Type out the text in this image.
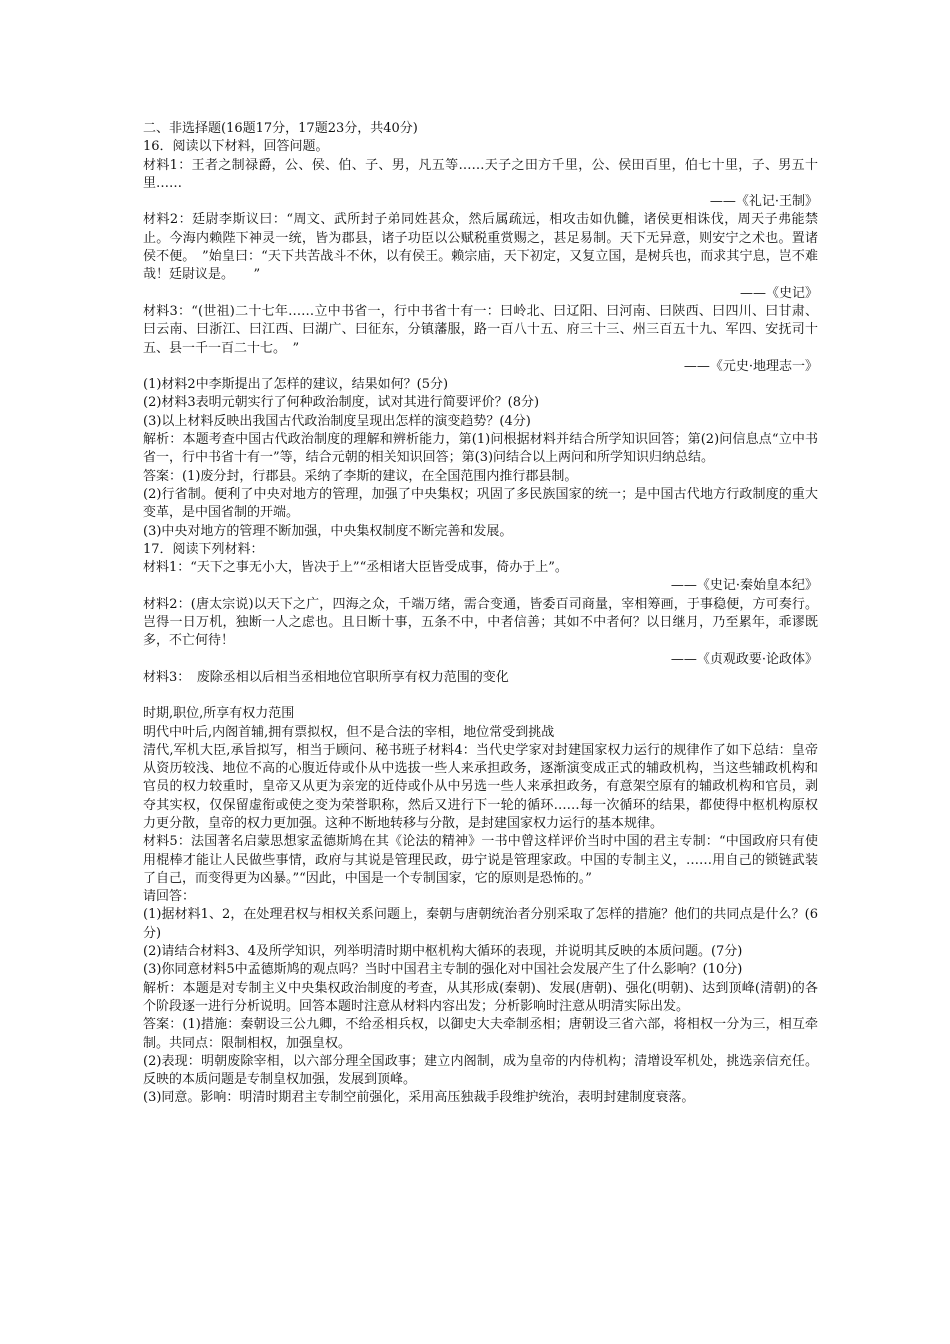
二、非选择题(16题17分，17题23分，共40分)

16．阅读以下材料，回答问题。

材料1：王者之制禄爵，公、侯、伯、子、男，凡五等……天子之田方千里，公、侯田百里，伯七十里，子、男五十里……

——《礼记·王制》

材料2：廷尉李斯议曰：“周文、武所封子弟同姓甚众，然后属疏远，相攻击如仇雠，诸侯更相诛伐，周天子弗能禁止。今海内赖陛下神灵一统，皆为郡县，诸子功臣以公赋税重赏赐之，甚足易制。天下无异意，则安宁之术也。置诸侯不便。　”始皇曰：“天下共苦战斗不休，以有侯王。赖宗庙，天下初定，又复立国，是树兵也，而求其宁息，岂不难哉！廷尉议是。　　”

——《史记》

材料3：“(世祖)二十七年……立中书省一，行中书省十有一：曰岭北、曰辽阳、曰河南、曰陕西、曰四川、曰甘肃、曰云南、曰浙江、曰江西、曰湖广、曰征东，分镇藩服，路一百八十五、府三十三、州三百五十九、军四、安抚司十五、县一千一百二十七。　”

——《元史·地理志一》

(1)材料2中李斯提出了怎样的建议，结果如何？(5分)

(2)材料3表明元朝实行了何种政治制度，试对其进行简要评价？(8分)

(3)以上材料反映出我国古代政治制度呈现出怎样的演变趋势？(4分)

解析：本题考查中国古代政治制度的理解和辨析能力，第(1)问根据材料并结合所学知识回答；第(2)问信息点“立中书省一，行中书省十有一”等，结合元朝的相关知识回答；第(3)问结合以上两问和所学知识归纳总结。

答案：(1)废分封，行郡县。采纳了李斯的建议，在全国范围内推行郡县制。

(2)行省制。便利了中央对地方的管理，加强了中央集权；巩固了多民族国家的统一；是中国古代地方行政制度的重大变革，是中国省制的开端。

(3)中央对地方的管理不断加强，中央集权制度不断完善和发展。

17．阅读下列材料：

材料1：“天下之事无小大，皆决于上”“丞相诸大臣皆受成事，倚办于上”。

——《史记·秦始皇本纪》

材料2：(唐太宗说)以天下之广，四海之众，千端万绪，需合变通，皆委百司商量，宰相筹画，于事稳便，方可奏行。岂得一日万机，独断一人之虑也。且日断十事，五条不中，中者信善；其如不中者何？以日继月，乃至累年，乖谬既多，不亡何待！

——《贞观政要·论政体》

材料3：　废除丞相以后相当丞相地位官职所享有权力范围的变化

时期,职位,所享有权力范围

明代中叶后,内阁首辅,拥有票拟权，但不是合法的宰相，地位常受到挑战

清代,军机大臣,承旨拟写，相当于顾问、秘书班子材料4：当代史学家对封建国家权力运行的规律作了如下总结：皇帝从资历较浅、地位不高的心腹近侍或仆从中选拔一些人来承担政务，逐渐演变成正式的辅政机构，当这些辅政机构和官员的权力较重时，皇帝又从更为亲宠的近侍或仆从中另选一些人来承担政务，有意架空原有的辅政机构和官员，剥夺其实权，仅保留虚衔或使之变为荣誉职称，然后又进行下一轮的循环……每一次循环的结果，都使得中枢机构原权力更分散，皇帝的权力更加强。这种不断地转移与分散，是封建国家权力运行的基本规律。

材料5：法国著名启蒙思想家孟德斯鸠在其《论法的精神》一书中曾这样评价当时中国的君主专制：“中国政府只有使用棍棒才能让人民做些事情，政府与其说是管理民政，毋宁说是管理家政。中国的专制主义，……用自己的锁链武装了自己，而变得更为凶暴。”“因此，中国是一个专制国家，它的原则是恐怖的。”

请回答：

(1)据材料1、2，在处理君权与相权关系问题上，秦朝与唐朝统治者分别采取了怎样的措施？他们的共同点是什么？(6分)

(2)请结合材料3、4及所学知识，列举明清时期中枢机构大循环的表现，并说明其反映的本质问题。(7分)

(3)你同意材料5中孟德斯鸠的观点吗？当时中国君主专制的强化对中国社会发展产生了什么影响？(10分)

解析：本题是对专制主义中央集权政治制度的考查，从其形成(秦朝)、发展(唐朝)、强化(明朝)、达到顶峰(清朝)的各个阶段逐一进行分析说明。回答本题时注意从材料内容出发；分析影响时注意从明清实际出发。

答案：(1)措施：秦朝设三公九卿，不给丞相兵权，以御史大夫牵制丞相；唐朝设三省六部，将相权一分为三，相互牵制。共同点：限制相权，加强皇权。

(2)表现：明朝废除宰相，以六部分理全国政事；建立内阁制，成为皇帝的内侍机构；清增设军机处，挑选亲信充任。反映的本质问题是专制皇权加强，发展到顶峰。

(3)同意。影响：明清时期君主专制空前强化，采用高压独裁手段维护统治，表明封建制度衰落。
